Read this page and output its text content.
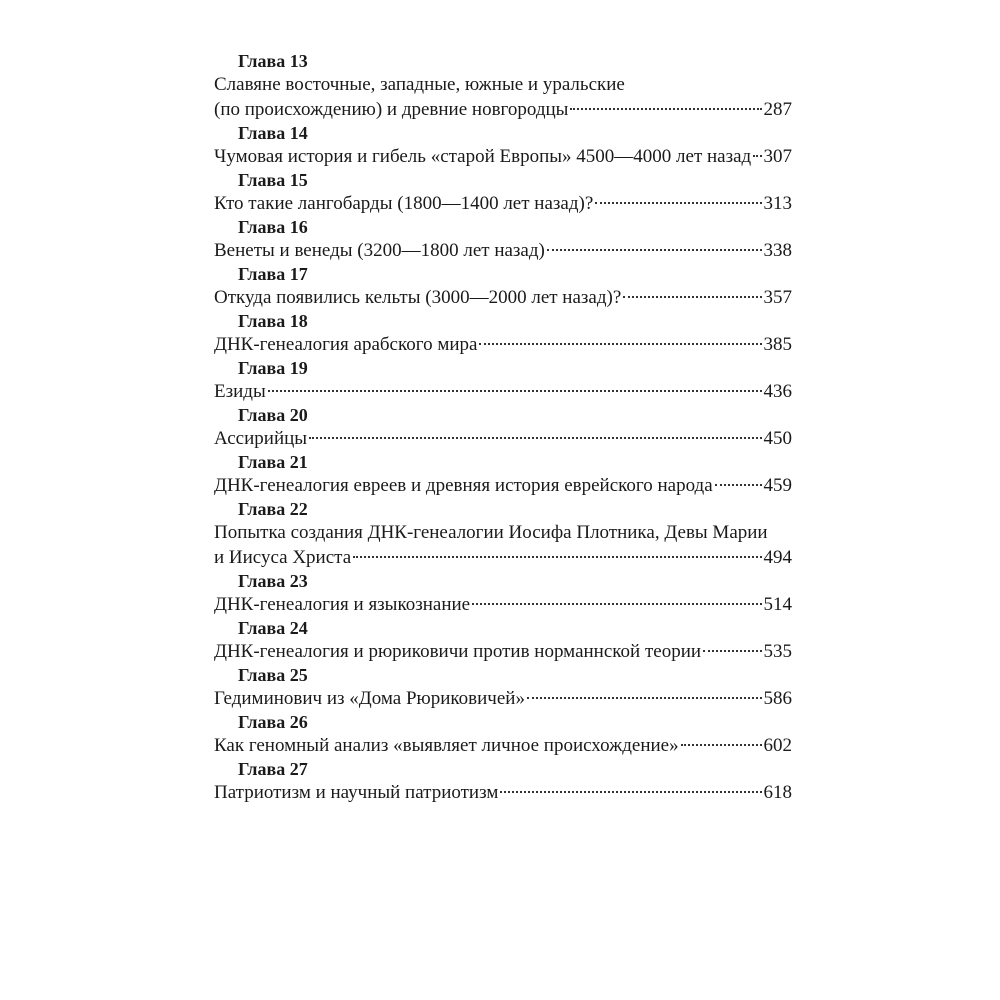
Глава 13
Славяне восточные, западные, южные и уральские
(по происхождению) и древние новгородцы	287
Глава 14
Чумовая история и гибель «старой Европы» 4500—4000 лет назад 307
Глава 15
Кто такие лангобарды (1800—1400 лет назад)?	313
Глава 16
Венеты и венеды (3200—1800 лет назад)	338
Глава 17
Откуда появились кельты (3000—2000 лет назад)?	357
Глава 18
ДНК-генеалогия арабского мира	385
Глава 19
Езиды	436
Глава 20
Ассирийцы	450
Глава 21
ДНК-генеалогия евреев и древняя история еврейского народа	459
Глава 22
Попытка создания ДНК-генеалогии Иосифа Плотника, Девы Марии
и Иисуса Христа	494
Глава 23
ДНК-генеалогия и языкознание	514
Глава 24
ДНК-генеалогия и рюриковичи против норманнской теории	535
Глава 25
Гедиминович из «Дома Рюриковичей»	586
Глава 26
Как геномный анализ «выявляет личное происхождение»	602
Глава 27
Патриотизм и научный патриотизм	618
